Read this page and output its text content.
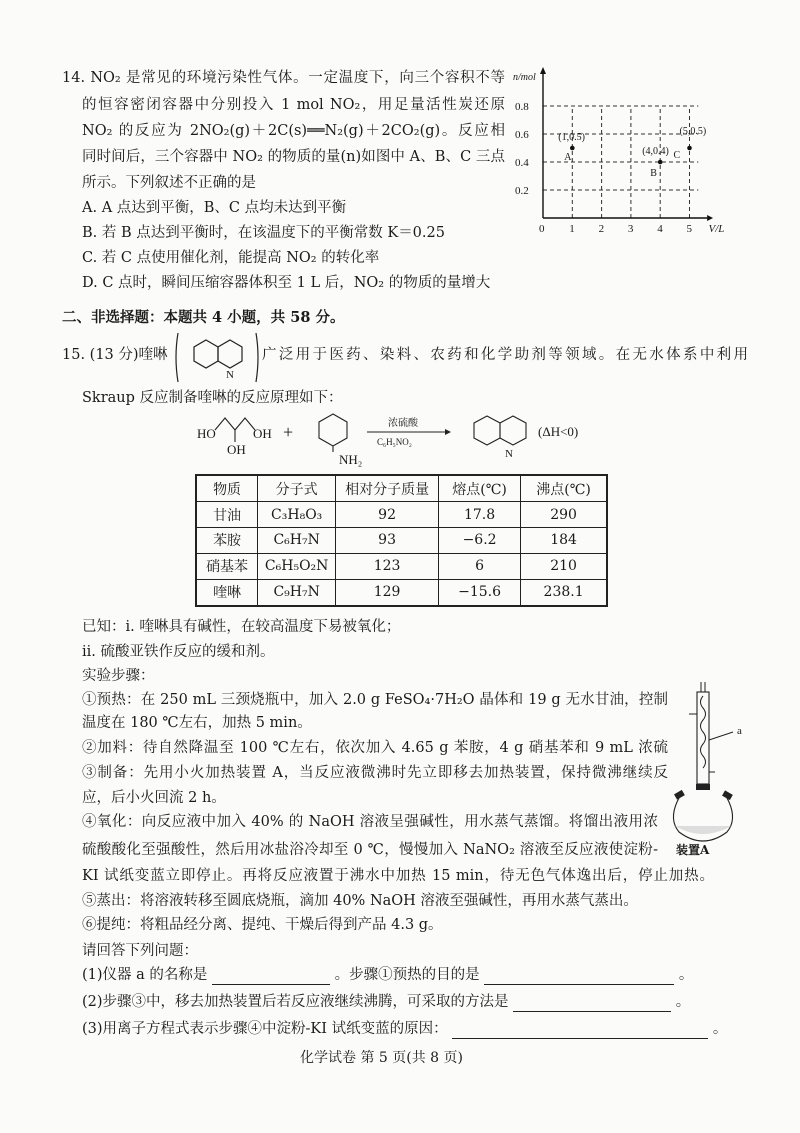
14. NO₂ 是常见的环境污染性气体。一定温度下，向三个容积不等
的恒容密闭容器中分别投入 1 mol NO₂，用足量活性炭还原
NO₂ 的反应为 2NO₂(g)＋2C(s)══N₂(g)＋2CO₂(g)。反应相
同时间后，三个容器中 NO₂ 的物质的量(n)如图中 A、B、C 三点
所示。下列叙述不正确的是
A. A 点达到平衡，B、C 点均未达到平衡
B. 若 B 点达到平衡时，在该温度下的平衡常数 K＝0.25
C. 若 C 点使用催化剂，能提高 NO₂ 的转化率
D. C 点时，瞬间压缩容器体积至 1 L 后，NO₂ 的物质的量增大
0.2
0.4
0.6
0.8
1 2 3 4 5
n/mol
V/L
0
(1,0.5)
A
(4,0.4)
B
(5,0.5)
C
二、非选择题：本题共 4 小题，共 58 分。
15. (13 分)喹啉
N
广泛用于医药、染料、农药和化学助剂等领域。在无水体系中利用
Skraup 反应制备喹啉的反应原理如下：
HO	OH
OH
+
NH₂
浓硫酸
C₆H₅NO₂
N
(ΔH<0)
物质	分子式	相对分子质量	熔点(℃)	沸点(℃)
甘油	C₃H₈O₃	92	17.8	290
苯胺	C₆H₇N	93	−6.2	184
硝基苯	C₆H₅O₂N	123	6	210
喹啉	C₉H₇N	129	−15.6	238.1
已知：ⅰ. 喹啉具有碱性，在较高温度下易被氧化；
ⅱ. 硫酸亚铁作反应的缓和剂。
实验步骤：
①预热：在 250 mL 三颈烧瓶中，加入 2.0 g FeSO₄·7H₂O 晶体和 19 g 无水甘油，控制
温度在 180 ℃左右，加热 5 min。
②加料：待自然降温至 100 ℃左右，依次加入 4.65 g 苯胺，4 g 硝基苯和 9 mL 浓硫
③制备：先用小火加热装置 A，当反应液微沸时先立即移去加热装置，保持微沸继续反
应，后小火回流 2 h。
④氧化：向反应液中加入 40% 的 NaOH 溶液呈强碱性，用水蒸气蒸馏。将馏出液用浓
硫酸酸化至强酸性，然后用冰盐浴冷却至 0 ℃，慢慢加入 NaNO₂ 溶液至反应液使淀粉-
KI 试纸变蓝立即停止。再将反应液置于沸水中加热 15 min，待无色气体逸出后，停止加热。
⑤蒸出：将溶液转移至圆底烧瓶，滴加 40% NaOH 溶液至强碱性，再用水蒸气蒸出。
⑥提纯：将粗品经分离、提纯、干燥后得到产品 4.3 g。
a
装置A
请回答下列问题：
(1)仪器 a 的名称是	。步骤①预热的目的是	。
(2)步骤③中，移去加热装置后若反应液继续沸腾，可采取的方法是	。
(3)用离子方程式表示步骤④中淀粉-KI 试纸变蓝的原因：	。
化学试卷 第 5 页(共 8 页)
